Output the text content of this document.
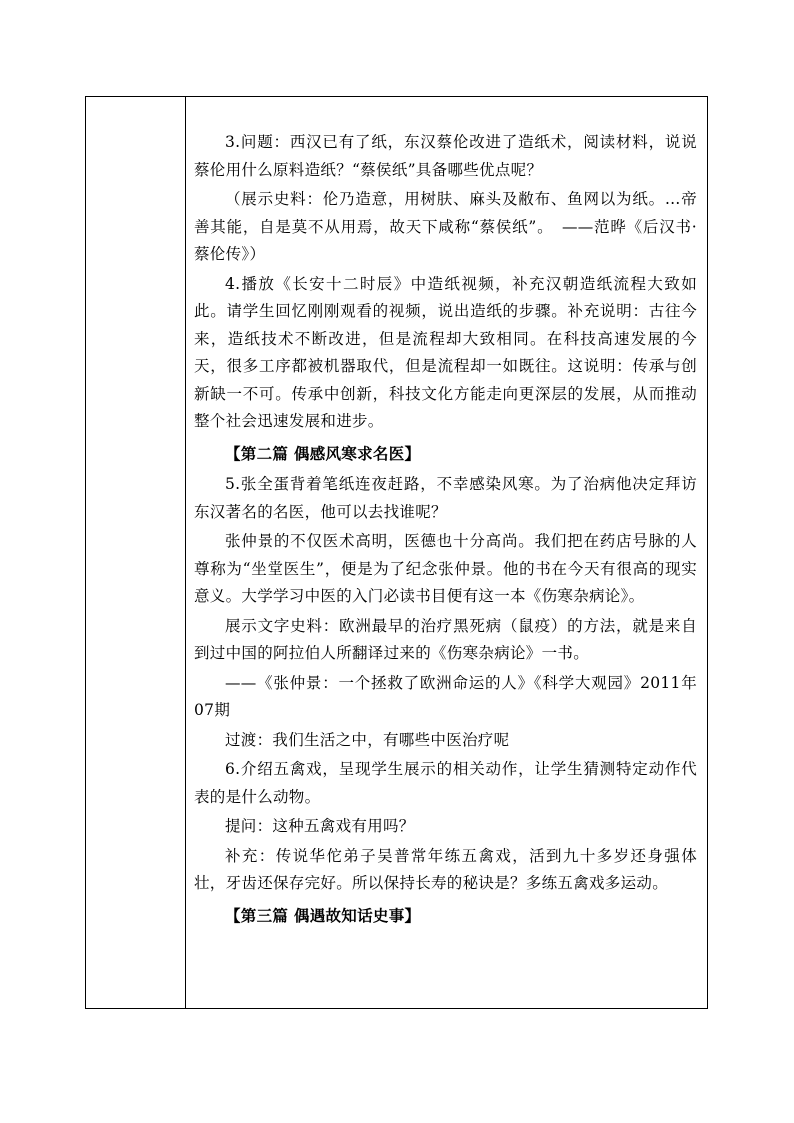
3.问题：西汉已有了纸，东汉蔡伦改进了造纸术，阅读材料，说说蔡伦用什么原料造纸？“蔡侯纸”具备哪些优点呢？

（展示史料：伦乃造意，用树肤、麻头及敝布、鱼网以为纸。…帝善其能，自是莫不从用焉，故天下咸称“蔡侯纸”。　——范晔《后汉书·蔡伦传》）

4.播放《长安十二时辰》中造纸视频，补充汉朝造纸流程大致如此。请学生回忆刚刚观看的视频，说出造纸的步骤。补充说明：古往今来，造纸技术不断改进，但是流程却大致相同。在科技高速发展的今天，很多工序都被机器取代，但是流程却一如既往。这说明：传承与创新缺一不可。传承中创新，科技文化方能走向更深层的发展，从而推动整个社会迅速发展和进步。

【第二篇 偶感风寒求名医】

5.张全蛋背着笔纸连夜赶路，不幸感染风寒。为了治病他决定拜访东汉著名的名医，他可以去找谁呢？

张仲景的不仅医术高明，医德也十分高尚。我们把在药店号脉的人尊称为“坐堂医生”，便是为了纪念张仲景。他的书在今天有很高的现实意义。大学学习中医的入门必读书目便有这一本《伤寒杂病论》。

展示文字史料：欧洲最早的治疗黑死病（鼠疫）的方法，就是来自到过中国的阿拉伯人所翻译过来的《伤寒杂病论》一书。

——《张仲景：一个拯救了欧洲命运的人》《科学大观园》2011年07期

过渡：我们生活之中，有哪些中医治疗呢

6.介绍五禽戏，呈现学生展示的相关动作，让学生猜测特定动作代表的是什么动物。

提问：这种五禽戏有用吗？

补充：传说华佗弟子吴普常年练五禽戏，活到九十多岁还身强体壮，牙齿还保存完好。所以保持长寿的秘诀是？多练五禽戏多运动。

【第三篇 偶遇故知话史事】
